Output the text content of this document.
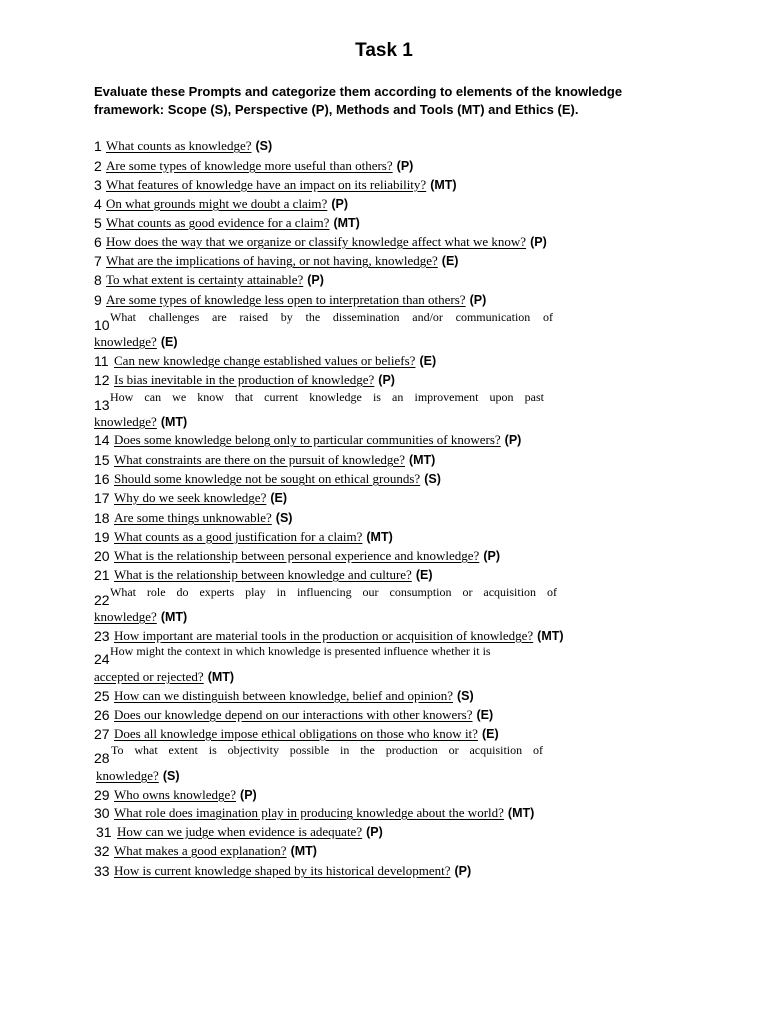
Task 1
Evaluate these Prompts and categorize them according to elements of the knowledge
framework: Scope (S), Perspective (P), Methods and Tools (MT) and Ethics (E).
1 What counts as knowledge? (S)
2 Are some types of knowledge more useful than others? (P)
3 What features of knowledge have an impact on its reliability? (MT)
4 On what grounds might we doubt a claim? (P)
5 What counts as good evidence for a claim? (MT)
6 How does the way that we organize or classify knowledge affect what we know? (P)
7 What are the implications of having, or not having, knowledge? (E)
8 To what extent is certainty attainable? (P)
9 Are some types of knowledge less open to interpretation than others? (P)
10 What challenges are raised by the dissemination and/or communication of
knowledge? (E)
11 Can new knowledge change established values or beliefs? (E)
12 Is bias inevitable in the production of knowledge? (P)
13 How can we know that current knowledge is an improvement upon past
knowledge? (MT)
14 Does some knowledge belong only to particular communities of knowers? (P)
15 What constraints are there on the pursuit of knowledge? (MT)
16 Should some knowledge not be sought on ethical grounds? (S)
17 Why do we seek knowledge? (E)
18 Are some things unknowable? (S)
19 What counts as a good justification for a claim? (MT)
20 What is the relationship between personal experience and knowledge? (P)
21 What is the relationship between knowledge and culture? (E)
22 What role do experts play in influencing our consumption or acquisition of
knowledge? (MT)
23 How important are material tools in the production or acquisition of knowledge? (MT)
24 How might the context in which knowledge is presented influence whether it is
accepted or rejected? (MT)
25 How can we distinguish between knowledge, belief and opinion? (S)
26 Does our knowledge depend on our interactions with other knowers? (E)
27 Does all knowledge impose ethical obligations on those who know it? (E)
28 To what extent is objectivity possible in the production or acquisition of
knowledge? (S)
29 Who owns knowledge? (P)
30 What role does imagination play in producing knowledge about the world? (MT)
31 How can we judge when evidence is adequate? (P)
32 What makes a good explanation? (MT)
33 How is current knowledge shaped by its historical development? (P)
